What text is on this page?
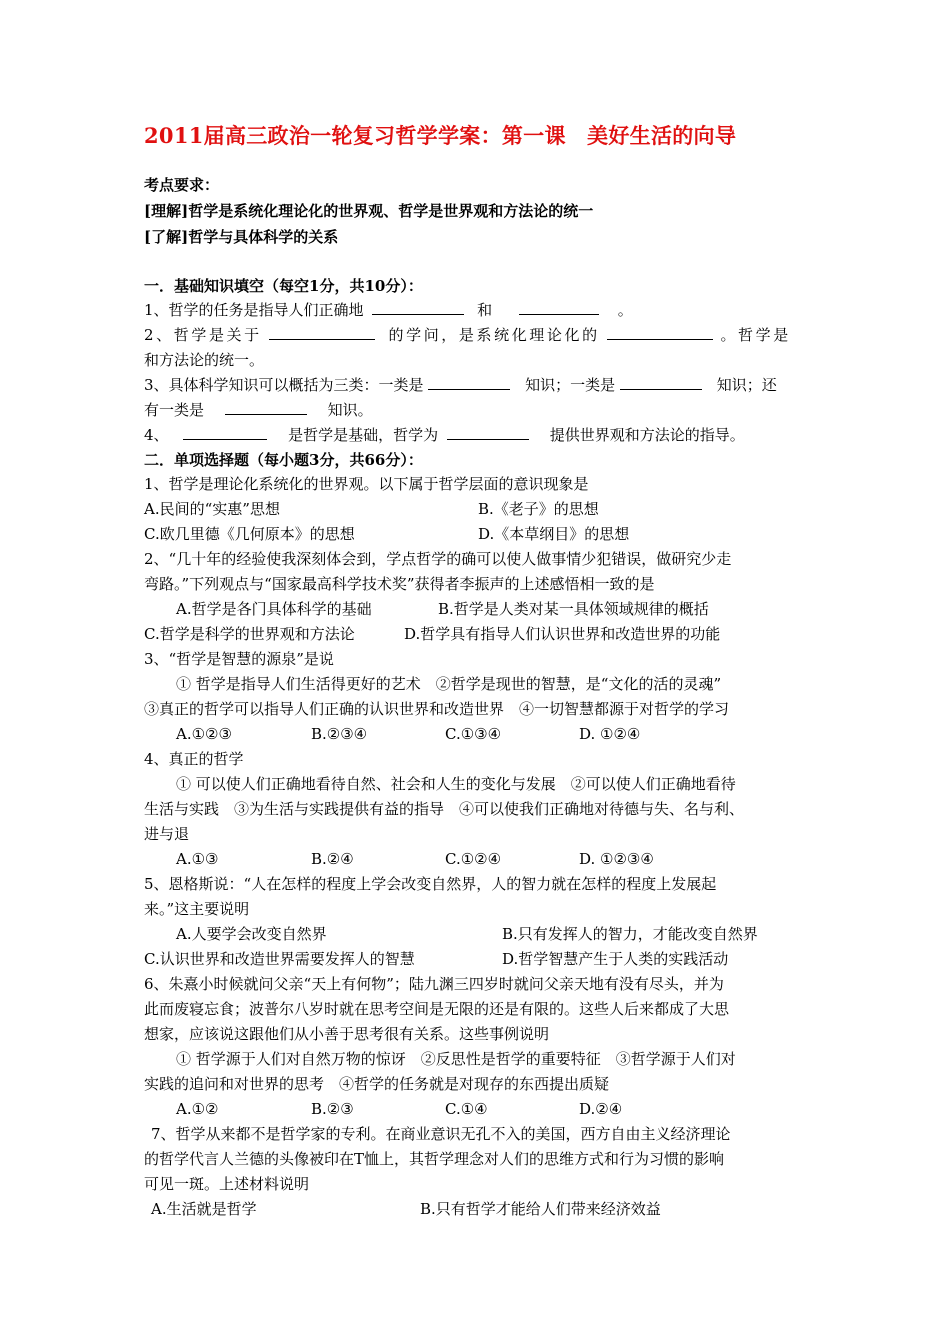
2011届高三政治一轮复习哲学学案：第一课　美好生活的向导
考点要求：
[理解]哲学是系统化理论化的世界观、哲学是世界观和方法论的统一
[了解]哲学与具体科学的关系
一．基础知识填空（每空1分，共10分）：
1、哲学的任务是指导人们正确地	和	。
2、哲学是关于	的学问，是系统化理论化的	。哲学是
和方法论的统一。
3、具体科学知识可以概括为三类：一类是	知识；一类是	知识；还
有一类是	知识。
4、	是哲学是基础，哲学为	提供世界观和方法论的指导。
二．单项选择题（每小题3分，共66分）：
1、哲学是理论化系统化的世界观。以下属于哲学层面的意识现象是
A.民间的“实惠”思想	B.《老子》的思想
C.欧几里德《几何原本》的思想	D.《本草纲目》的思想
2、“几十年的经验使我深刻体会到，学点哲学的确可以使人做事情少犯错误，做研究少走
弯路。”下列观点与“国家最高科学技术奖”获得者李振声的上述感悟相一致的是
A.哲学是各门具体科学的基础	B.哲学是人类对某一具体领域规律的概括
C.哲学是科学的世界观和方法论	D.哲学具有指导人们认识世界和改造世界的功能
3、“哲学是智慧的源泉”是说
① 哲学是指导人们生活得更好的艺术　②哲学是现世的智慧，是“文化的活的灵魂”
③真正的哲学可以指导人们正确的认识世界和改造世界　④一切智慧都源于对哲学的学习
A.①②③	B.②③④	C.①③④	D. ①②④
4、真正的哲学
① 可以使人们正确地看待自然、社会和人生的变化与发展　②可以使人们正确地看待
生活与实践　③为生活与实践提供有益的指导　④可以使我们正确地对待德与失、名与利、
进与退
A.①③	B.②④	C.①②④	D. ①②③④
5、恩格斯说：“人在怎样的程度上学会改变自然界，人的智力就在怎样的程度上发展起
来。”这主要说明
A.人要学会改变自然界	B.只有发挥人的智力，才能改变自然界
C.认识世界和改造世界需要发挥人的智慧	D.哲学智慧产生于人类的实践活动
6、朱熹小时候就问父亲“天上有何物”；陆九渊三四岁时就问父亲天地有没有尽头，并为
此而废寝忘食；波普尔八岁时就在思考空间是无限的还是有限的。这些人后来都成了大思
想家，应该说这跟他们从小善于思考很有关系。这些事例说明
① 哲学源于人们对自然万物的惊讶　②反思性是哲学的重要特征　③哲学源于人们对
实践的追问和对世界的思考　④哲学的任务就是对现存的东西提出质疑
A.①②	B.②③	C.①④	D.②④
7、哲学从来都不是哲学家的专利。在商业意识无孔不入的美国，西方自由主义经济理论
的哲学代言人兰德的头像被印在T恤上，其哲学理念对人们的思维方式和行为习惯的影响
可见一斑。上述材料说明
A.生活就是哲学	B.只有哲学才能给人们带来经济效益
